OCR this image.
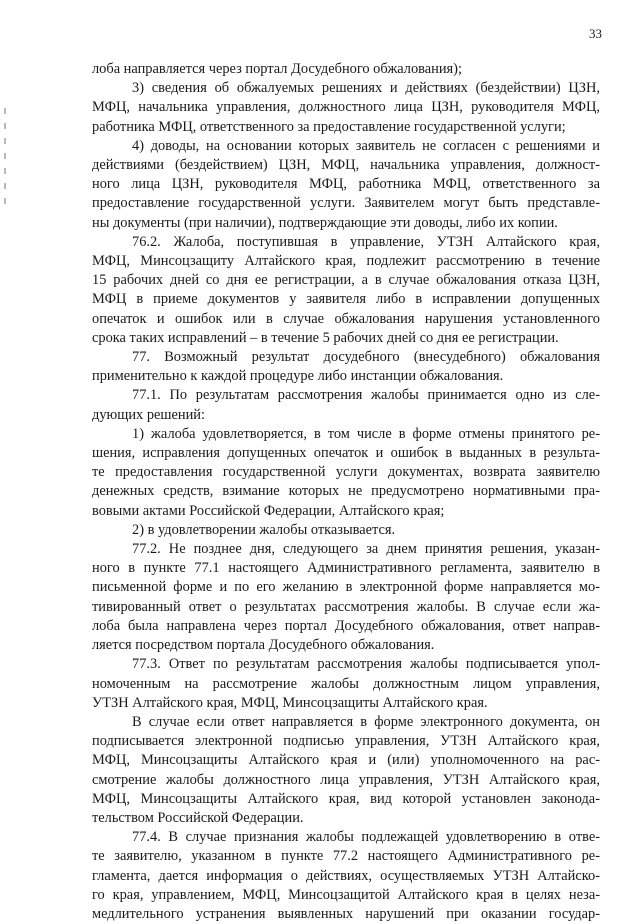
33
лоба направляется через портал Досудебного обжалования);
3) сведения об обжалуемых решениях и действиях (бездействии) ЦЗН,
МФЦ, начальника управления, должностного лица ЦЗН, руководителя МФЦ,
работника МФЦ, ответственного за предоставление государственной услуги;
4) доводы, на основании которых заявитель не согласен с решениями и
действиями (бездействием) ЦЗН, МФЦ, начальника управления, должност-
ного лица ЦЗН, руководителя МФЦ, работника МФЦ, ответственного за
предоставление государственной услуги. Заявителем могут быть представле-
ны документы (при наличии), подтверждающие эти доводы, либо их копии.
76.2. Жалоба, поступившая в управление, УТЗН Алтайского края,
МФЦ, Минсоцзащиту Алтайского края, подлежит рассмотрению в течение
15 рабочих дней со дня ее регистрации, а в случае обжалования отказа ЦЗН,
МФЦ в приеме документов у заявителя либо в исправлении допущенных
опечаток и ошибок или в случае обжалования нарушения установленного
срока таких исправлений – в течение 5 рабочих дней со дня ее регистрации.
77. Возможный результат досудебного (внесудебного) обжалования
применительно к каждой процедуре либо инстанции обжалования.
77.1. По результатам рассмотрения жалобы принимается одно из сле-
дующих решений:
1) жалоба удовлетворяется, в том числе в форме отмены принятого ре-
шения, исправления допущенных опечаток и ошибок в выданных в результа-
те предоставления государственной услуги документах, возврата заявителю
денежных средств, взимание которых не предусмотрено нормативными пра-
вовыми актами Российской Федерации, Алтайского края;
2) в удовлетворении жалобы отказывается.
77.2. Не позднее дня, следующего за днем принятия решения, указан-
ного в пункте 77.1 настоящего Административного регламента, заявителю в
письменной форме и по его желанию в электронной форме направляется мо-
тивированный ответ о результатах рассмотрения жалобы. В случае если жа-
лоба была направлена через портал Досудебного обжалования, ответ направ-
ляется посредством портала Досудебного обжалования.
77.3. Ответ по результатам рассмотрения жалобы подписывается упол-
номоченным на рассмотрение жалобы должностным лицом управления,
УТЗН Алтайского края, МФЦ, Минсоцзащиты Алтайского края.
В случае если ответ направляется в форме электронного документа, он
подписывается электронной подписью управления, УТЗН Алтайского края,
МФЦ, Минсоцзащиты Алтайского края и (или) уполномоченного на рас-
смотрение жалобы должностного лица управления, УТЗН Алтайского края,
МФЦ, Минсоцзащиты Алтайского края, вид которой установлен законода-
тельством Российской Федерации.
77.4. В случае признания жалобы подлежащей удовлетворению в отве-
те заявителю, указанном в пункте 77.2 настоящего Административного ре-
гламента, дается информация о действиях, осуществляемых УТЗН Алтайско-
го края, управлением, МФЦ, Минсоцзащитой Алтайского края в целях неза-
медлительного устранения выявленных нарушений при оказании государ-
